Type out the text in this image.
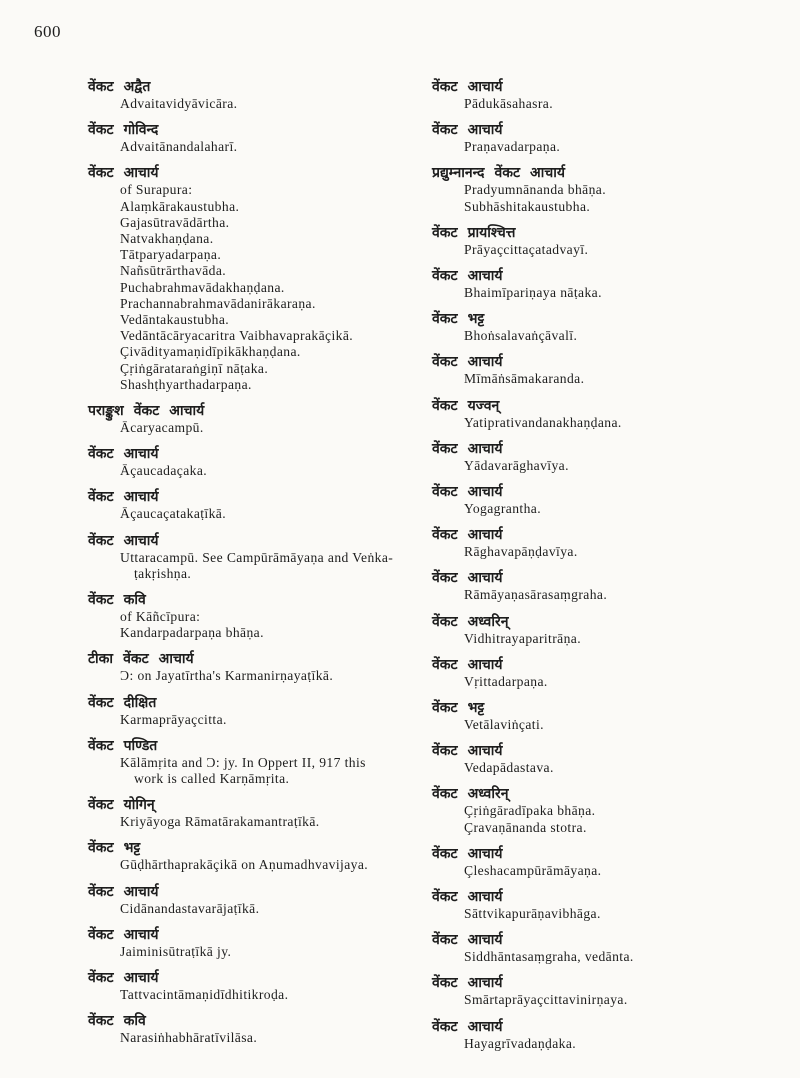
600
वेंकट अद्वैत
Advaitavidyāvicāra.
वेंकट गोविन्द
Advaitānandalaharī.
वेंकट आचार्य
of Surapura:
Alaṃkārakaustubha.
Gajasūtravādārtha.
Natvakhaṇḍana.
Tātparyadarpaṇa.
Nañsūtrārthavāda.
Puchabrahmavādakhaṇḍana.
Prachannabrahmavādanirākaraṇa.
Vedāntakaustubha.
Vedāntācāryacaritra Vaibhavaprakāçikā.
Çivādityamaṇidīpikākhaṇḍana.
Çṛiṅgārataraṅgiṇī nāṭaka.
Shashṭhyarthadarpaṇa.
पराङ्कुश वेंकट आचार्य
Ācaryacampū.
वेंकट आचार्य
Āçaucadaçaka.
वेंकट आचार्य
Āçaucaçatakaṭīkā.
वेंकट आचार्य
Uttaracampū. See Campūrāmāyaṇa and Veṅka-
ṭakṛishṇa.
वेंकट कवि
of Kāñcīpura:
Kandarpadarpaṇa bhāṇa.
टीका वेंकट आचार्य
Ɔ: on Jayatīrtha's Karmanirṇayaṭīkā.
वेंकट दीक्षित
Karmaprāyaçcitta.
वेंकट पण्डित
Kālāmṛita and Ɔ: jy. In Oppert II, 917 this
work is called Karṇāmṛita.
वेंकट योगिन्
Kriyāyoga Rāmatārakamantraṭīkā.
वेंकट भट्ट
Gūḍhārthaprakāçikā on Aṇumadhvavijaya.
वेंकट आचार्य
Cidānandastavarājaṭīkā.
वेंकट आचार्य
Jaiminisūtraṭīkā jy.
वेंकट आचार्य
Tattvacintāmaṇidīdhitikroḍa.
वेंकट कवि
Narasiṅhabhāratīvilāsa.
वेंकट आचार्य
Pādukāsahasra.
वेंकट आचार्य
Praṇavadarpaṇa.
प्रद्युम्नानन्द वेंकट आचार्य
Pradyumnānanda bhāṇa.
Subhāshitakaustubha.
वेंकट प्रायश्चित्त
Prāyaçcittaçatadvayī.
वेंकट आचार्य
Bhaimīpariṇaya nāṭaka.
वेंकट भट्ट
Bhoṅsalavaṅçāvalī.
वेंकट आचार्य
Mīmāṅsāmakaranda.
वेंकट यज्वन्
Yatiprativandanakhaṇḍana.
वेंकट आचार्य
Yādavarāghavīya.
वेंकट आचार्य
Yogagrantha.
वेंकट आचार्य
Rāghavapāṇḍavīya.
वेंकट आचार्य
Rāmāyaṇasārasaṃgraha.
वेंकट अध्वरिन्
Vidhitrayaparitrāṇa.
वेंकट आचार्य
Vṛittadarpaṇa.
वेंकट भट्ट
Vetālaviṅçati.
वेंकट आचार्य
Vedapādastava.
वेंकट अध्वरिन्
Çṛiṅgāradīpaka bhāṇa.
Çravaṇānanda stotra.
वेंकट आचार्य
Çleshacampūrāmāyaṇa.
वेंकट आचार्य
Sāttvikapurāṇavibhāga.
वेंकट आचार्य
Siddhāntasaṃgraha, vedānta.
वेंकट आचार्य
Smārtaprāyaçcittavinirṇaya.
वेंकट आचार्य
Hayagrīvadaṇḍaka.
